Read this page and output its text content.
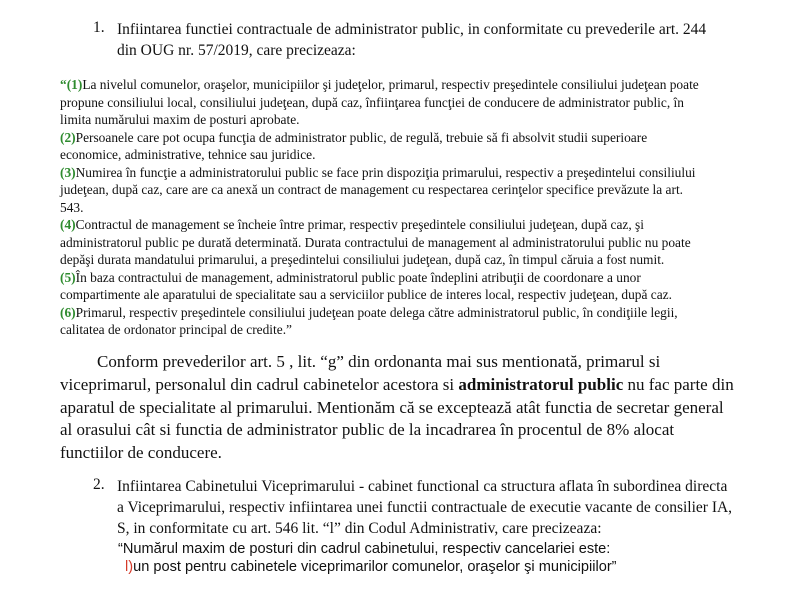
1. Infiintarea functiei contractuale de administrator public, in conformitate cu prevederile art. 244
din OUG nr. 57/2019, care precizeaza:
“(1)La nivelul comunelor, oraşelor, municipiilor şi judeţelor, primarul, respectiv preşedintele consiliului judeţean poate
propune consiliului local, consiliului judeţean, după caz, înfiinţarea funcţiei de conducere de administrator public, în
limita numărului maxim de posturi aprobate.
(2)Persoanele care pot ocupa funcţia de administrator public, de regulă, trebuie să fi absolvit studii superioare
economice, administrative, tehnice sau juridice.
(3)Numirea în funcţie a administratorului public se face prin dispoziţia primarului, respectiv a preşedintelui consiliului
judeţean, după caz, care are ca anexă un contract de management cu respectarea cerinţelor specifice prevăzute la art.
543.
(4)Contractul de management se încheie între primar, respectiv preşedintele consiliului judeţean, după caz, şi
administratorul public pe durată determinată. Durata contractului de management al administratorului public nu poate
depăşi durata mandatului primarului, a preşedintelui consiliului judeţean, după caz, în timpul căruia a fost numit.
(5)În baza contractului de management, administratorul public poate îndeplini atribuţii de coordonare a unor
compartimente ale aparatului de specialitate sau a serviciilor publice de interes local, respectiv judeţean, după caz.
(6)Primarul, respectiv preşedintele consiliului judeţean poate delega către administratorul public, în condiţiile legii,
calitatea de ordonator principal de credite.”
Conform prevederilor art. 5 , lit. “g” din ordonanta mai sus mentionată, primarul si
viceprimarul, personalul din cadrul cabinetelor acestora si administratorul public nu fac parte din
aparatul de specialitate al primarului. Mentionăm că se exceptează atât functia de secretar general
al orasului cât si functia de administrator public de la incadrarea în procentul de 8% alocat
functiilor de conducere.
2. Infiintarea Cabinetului Viceprimarului - cabinet functional ca structura aflata în subordinea directa
a Viceprimarului, respectiv infiintarea unei functii contractuale de executie vacante de consilier IA,
S, in conformitate cu art. 546 lit. “l” din Codul Administrativ, care precizeaza:
“Numărul maxim de posturi din cadrul cabinetului, respectiv cancelariei este:
l)un post pentru cabinetele viceprimarilor comunelor, oraşelor şi municipiilor”
